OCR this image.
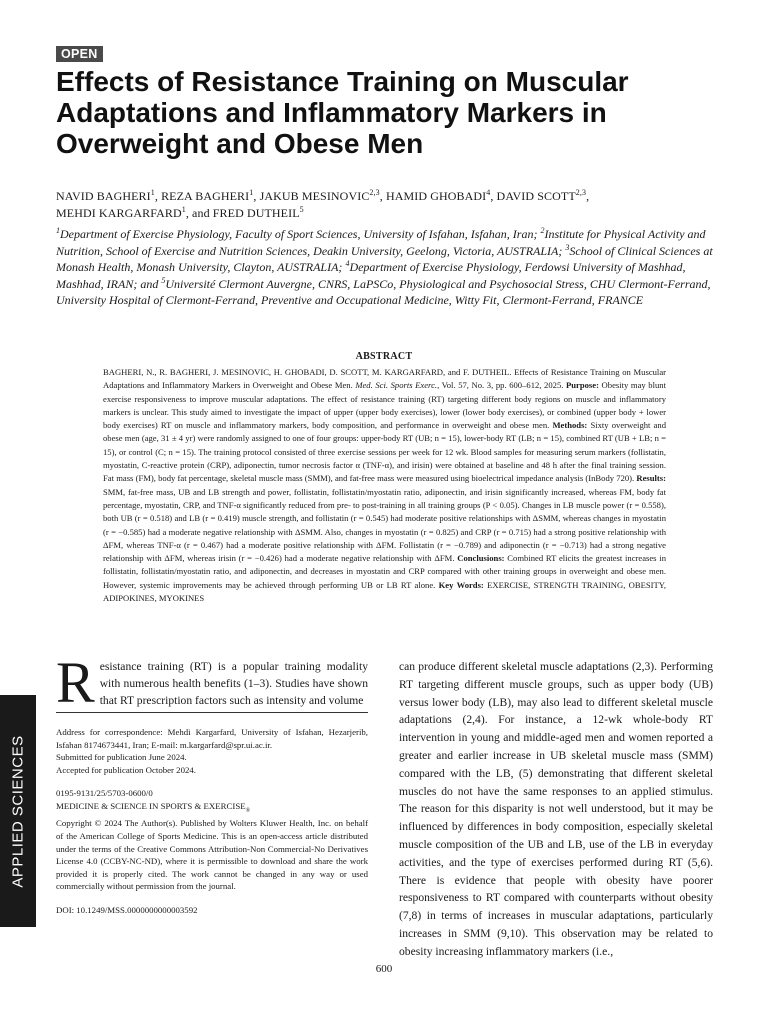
OPEN
Effects of Resistance Training on Muscular Adaptations and Inflammatory Markers in Overweight and Obese Men
NAVID BAGHERI$^1$, REZA BAGHERI$^1$, JAKUB MESINOVIC$^{2,3}$, HAMID GHOBADI$^4$, DAVID SCOTT$^{2,3}$,
MEHDI KARGARFARD$^1$, and FRED DUTHEIL$^5$
$^1$Department of Exercise Physiology, Faculty of Sport Sciences, University of Isfahan, Isfahan, Iran; $^2$Institute for Physical Activity and Nutrition, School of Exercise and Nutrition Sciences, Deakin University, Geelong, Victoria, AUSTRALIA; $^3$School of Clinical Sciences at Monash Health, Monash University, Clayton, AUSTRALIA; $^4$Department of Exercise Physiology, Ferdowsi University of Mashhad, Mashhad, IRAN; and $^5$Université Clermont Auvergne, CNRS, LaPSCo, Physiological and Psychosocial Stress, CHU Clermont-Ferrand, University Hospital of Clermont-Ferrand, Preventive and Occupational Medicine, Witty Fit, Clermont-Ferrand, FRANCE
ABSTRACT
BAGHERI, N., R. BAGHERI, J. MESINOVIC, H. GHOBADI, D. SCOTT, M. KARGARFARD, and F. DUTHEIL. Effects of Resistance Training on Muscular Adaptations and Inflammatory Markers in Overweight and Obese Men. Med. Sci. Sports Exerc., Vol. 57, No. 3, pp. 600–612, 2025. Purpose: Obesity may blunt exercise responsiveness to improve muscular adaptations. The effect of resistance training (RT) targeting different body regions on muscle and inflammatory markers is unclear. This study aimed to investigate the impact of upper (upper body exercises), lower (lower body exercises), or combined (upper body + lower body exercises) RT on muscle and inflammatory markers, body composition, and performance in overweight and obese men. Methods: Sixty overweight and obese men (age, 31 ± 4 yr) were randomly assigned to one of four groups: upper-body RT (UB; n = 15), lower-body RT (LB; n = 15), combined RT (UB + LB; n = 15), or control (C; n = 15). The training protocol consisted of three exercise sessions per week for 12 wk. Blood samples for measuring serum markers (follistatin, myostatin, C-reactive protein (CRP), adiponectin, tumor necrosis factor α (TNF-α), and irisin) were obtained at baseline and 48 h after the final training session. Fat mass (FM), body fat percentage, skeletal muscle mass (SMM), and fat-free mass were measured using bioelectrical impedance analysis (InBody 720). Results: SMM, fat-free mass, UB and LB strength and power, follistatin, follistatin/myostatin ratio, adiponectin, and irisin significantly increased, whereas FM, body fat percentage, myostatin, CRP, and TNF-α significantly reduced from pre- to post-training in all training groups (P < 0.05). Changes in LB muscle power (r = 0.558), both UB (r = 0.518) and LB (r = 0.419) muscle strength, and follistatin (r = 0.545) had moderate positive relationships with ΔSMM, whereas changes in myostatin (r = −0.585) had a moderate negative relationship with ΔSMM. Also, changes in myostatin (r = 0.825) and CRP (r = 0.715) had a strong positive relationship with ΔFM, whereas TNF-α (r = 0.467) had a moderate positive relationship with ΔFM. Follistatin (r = −0.789) and adiponectin (r = −0.713) had a strong negative relationship with ΔFM, whereas irisin (r = −0.426) had a moderate negative relationship with ΔFM. Conclusions: Combined RT elicits the greatest increases in follistatin, follistatin/myostatin ratio, and adiponectin, and decreases in myostatin and CRP compared with other training groups in overweight and obese men. However, systemic improvements may be achieved through performing UB or LB RT alone. Key Words: EXERCISE, STRENGTH TRAINING, OBESITY, ADIPOKINES, MYOKINES

Resistance training (RT) is a popular training modality with numerous health benefits (1–3). Studies have shown that RT prescription factors such as intensity and volume

Address for correspondence: Mehdi Kargarfard, University of Isfahan, Hezarjerib, Isfahan 8174673441, Iran; E-mail: m.kargarfard@spr.ui.ac.ir.

Submitted for publication June 2024.

Accepted for publication October 2024.

0195-9131/25/5703-0600/0

MEDICINE & SCIENCE IN SPORTS & $EXERCISE_®$

Copyright © 2024 The Author(s). Published by Wolters Kluwer Health, Inc. on behalf of the American College of Sports Medicine. This is an open-access article distributed under the terms of the Creative Commons Attribution-Non Commercial-No Derivatives License 4.0 (CCBY-NC-ND), where it is permissible to download and share the work provided it is properly cited. The work cannot be changed in any way or used commercially without permission from the journal.

DOI: 10.1249/MSS.0000000000003592

can produce different skeletal muscle adaptations (2,3). Performing RT targeting different muscle groups, such as upper body (UB) versus lower body (LB), may also lead to different skeletal muscle adaptations (2,4). For instance, a 12-wk whole-body RT intervention in young and middle-aged men and women reported a greater and earlier increase in UB skeletal muscle mass (SMM) compared with the LB, (5) demonstrating that different skeletal muscles do not have the same responses to an applied stimulus. The reason for this disparity is not well understood, but it may be influenced by differences in body composition, especially skeletal muscle composition of the UB and LB, use of the LB in everyday activities, and the type of exercises performed during RT (5,6). There is evidence that people with obesity have poorer responsiveness to RT compared with counterparts without obesity (7,8) in terms of increases in muscular adaptations, particularly increases in SMM (9,10). This observation may be related to obesity increasing inflammatory markers (i.e.,

APPLIED SCIENCES
600
